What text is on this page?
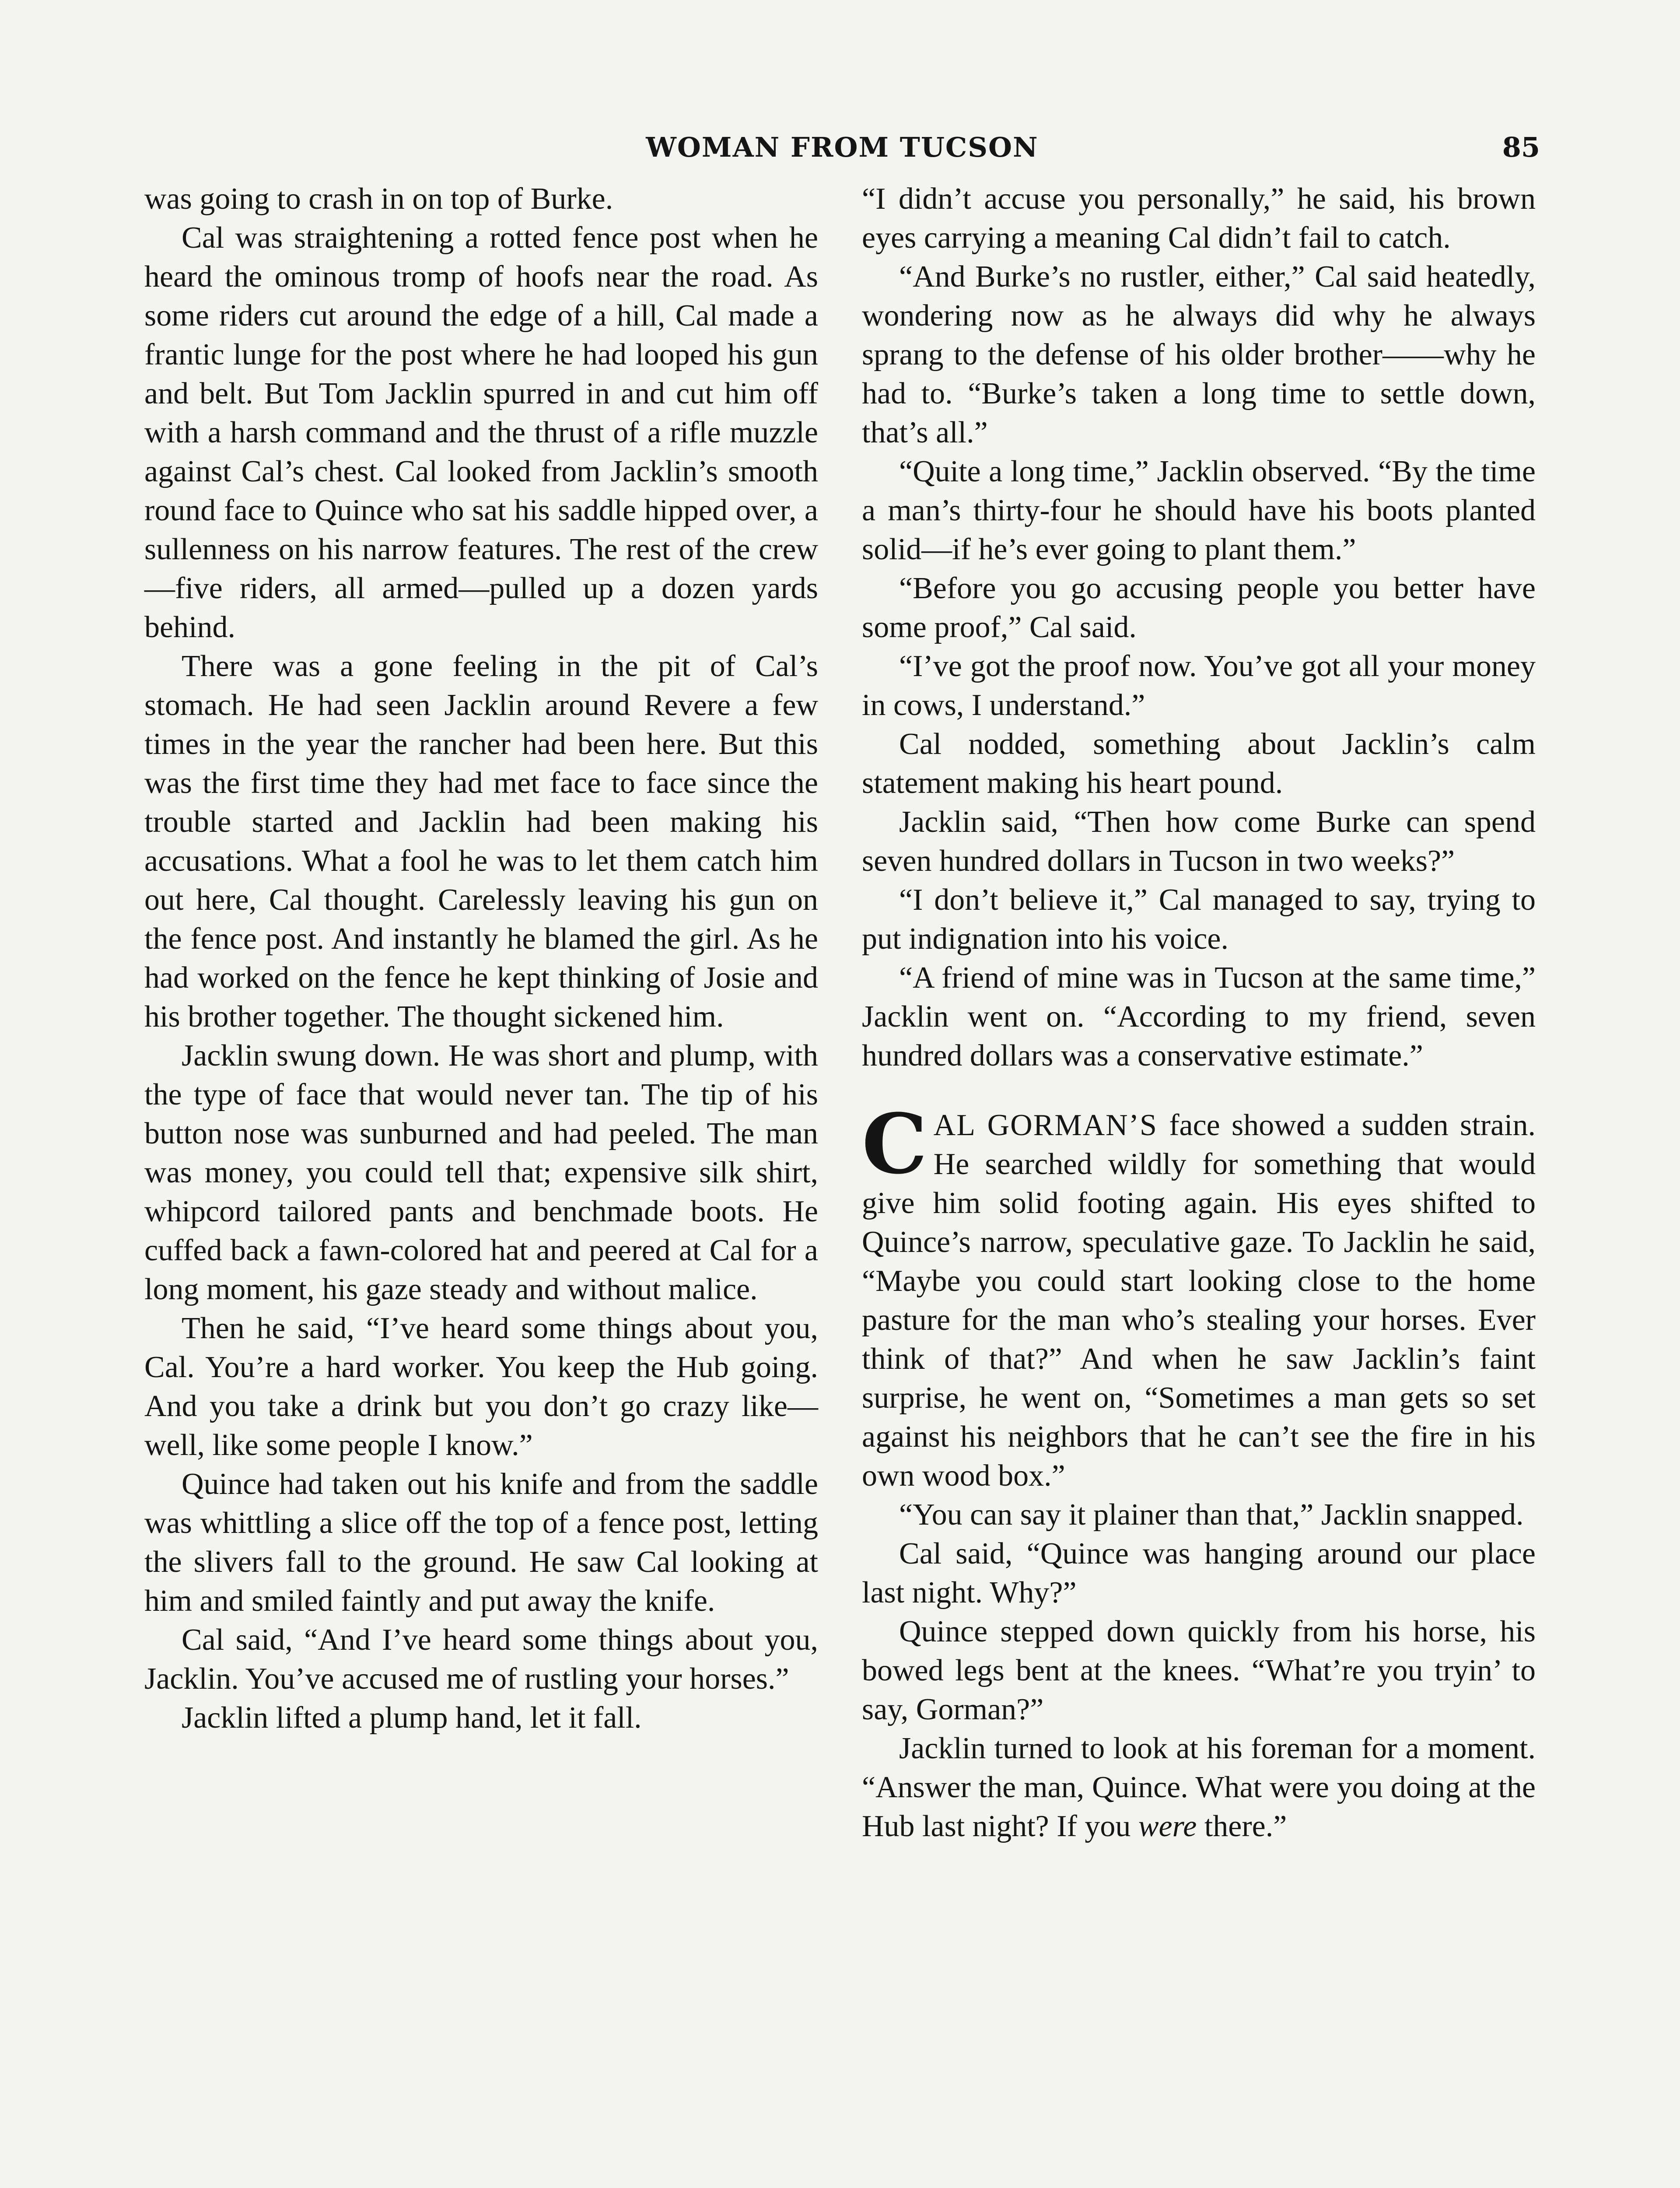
WOMAN FROM TUCSON	85

was going to crash in on top of Burke.

Cal was straightening a rotted fence post when he heard the ominous tromp of hoofs near the road. As some riders cut around the edge of a hill, Cal made a frantic lunge for the post where he had looped his gun and belt. But Tom Jacklin spurred in and cut him off with a harsh command and the thrust of a rifle muzzle against Cal’s chest. Cal looked from Jacklin’s smooth round face to Quince who sat his saddle hipped over, a sullenness on his narrow features. The rest of the crew—five riders, all armed—pulled up a dozen yards behind.

There was a gone feeling in the pit of Cal’s stomach. He had seen Jacklin around Revere a few times in the year the rancher had been here. But this was the first time they had met face to face since the trouble started and Jacklin had been making his accusations. What a fool he was to let them catch him out here, Cal thought. Carelessly leaving his gun on the fence post. And instantly he blamed the girl. As he had worked on the fence he kept thinking of Josie and his brother together. The thought sickened him.

Jacklin swung down. He was short and plump, with the type of face that would never tan. The tip of his button nose was sunburned and had peeled. The man was money, you could tell that; expensive silk shirt, whipcord tailored pants and benchmade boots. He cuffed back a fawn-colored hat and peered at Cal for a long moment, his gaze steady and without malice.

Then he said, “I’ve heard some things about you, Cal. You’re a hard worker. You keep the Hub going. And you take a drink but you don’t go crazy like—well, like some people I know.”

Quince had taken out his knife and from the saddle was whittling a slice off the top of a fence post, letting the slivers fall to the ground. He saw Cal looking at him and smiled faintly and put away the knife.

Cal said, “And I’ve heard some things about you, Jacklin. You’ve accused me of rustling your horses.”

Jacklin lifted a plump hand, let it fall.

“I didn’t accuse you personally,” he said, his brown eyes carrying a meaning Cal didn’t fail to catch.

“And Burke’s no rustler, either,” Cal said heatedly, wondering now as he always did why he always sprang to the defense of his older brother——why he had to. “Burke’s taken a long time to settle down, that’s all.”

“Quite a long time,” Jacklin observed. “By the time a man’s thirty-four he should have his boots planted solid—if he’s ever going to plant them.”

“Before you go accusing people you better have some proof,” Cal said.

“I’ve got the proof now. You’ve got all your money in cows, I understand.”

Cal nodded, something about Jacklin’s calm statement making his heart pound.

Jacklin said, “Then how come Burke can spend seven hundred dollars in Tucson in two weeks?”

“I don’t believe it,” Cal managed to say, trying to put indignation into his voice.

“A friend of mine was in Tucson at the same time,” Jacklin went on. “According to my friend, seven hundred dollars was a conservative estimate.”

CAL GORMAN’S face showed a sudden strain. He searched wildly for something that would give him solid footing again. His eyes shifted to Quince’s narrow, speculative gaze. To Jacklin he said, “Maybe you could start looking close to the home pasture for the man who’s stealing your horses. Ever think of that?” And when he saw Jacklin’s faint surprise, he went on, “Sometimes a man gets so set against his neighbors that he can’t see the fire in his own wood box.”

“You can say it plainer than that,” Jacklin snapped.

Cal said, “Quince was hanging around our place last night. Why?”

Quince stepped down quickly from his horse, his bowed legs bent at the knees. “What’re you tryin’ to say, Gorman?”

Jacklin turned to look at his foreman for a moment. “Answer the man, Quince. What were you doing at the Hub last night? If you were there.”
